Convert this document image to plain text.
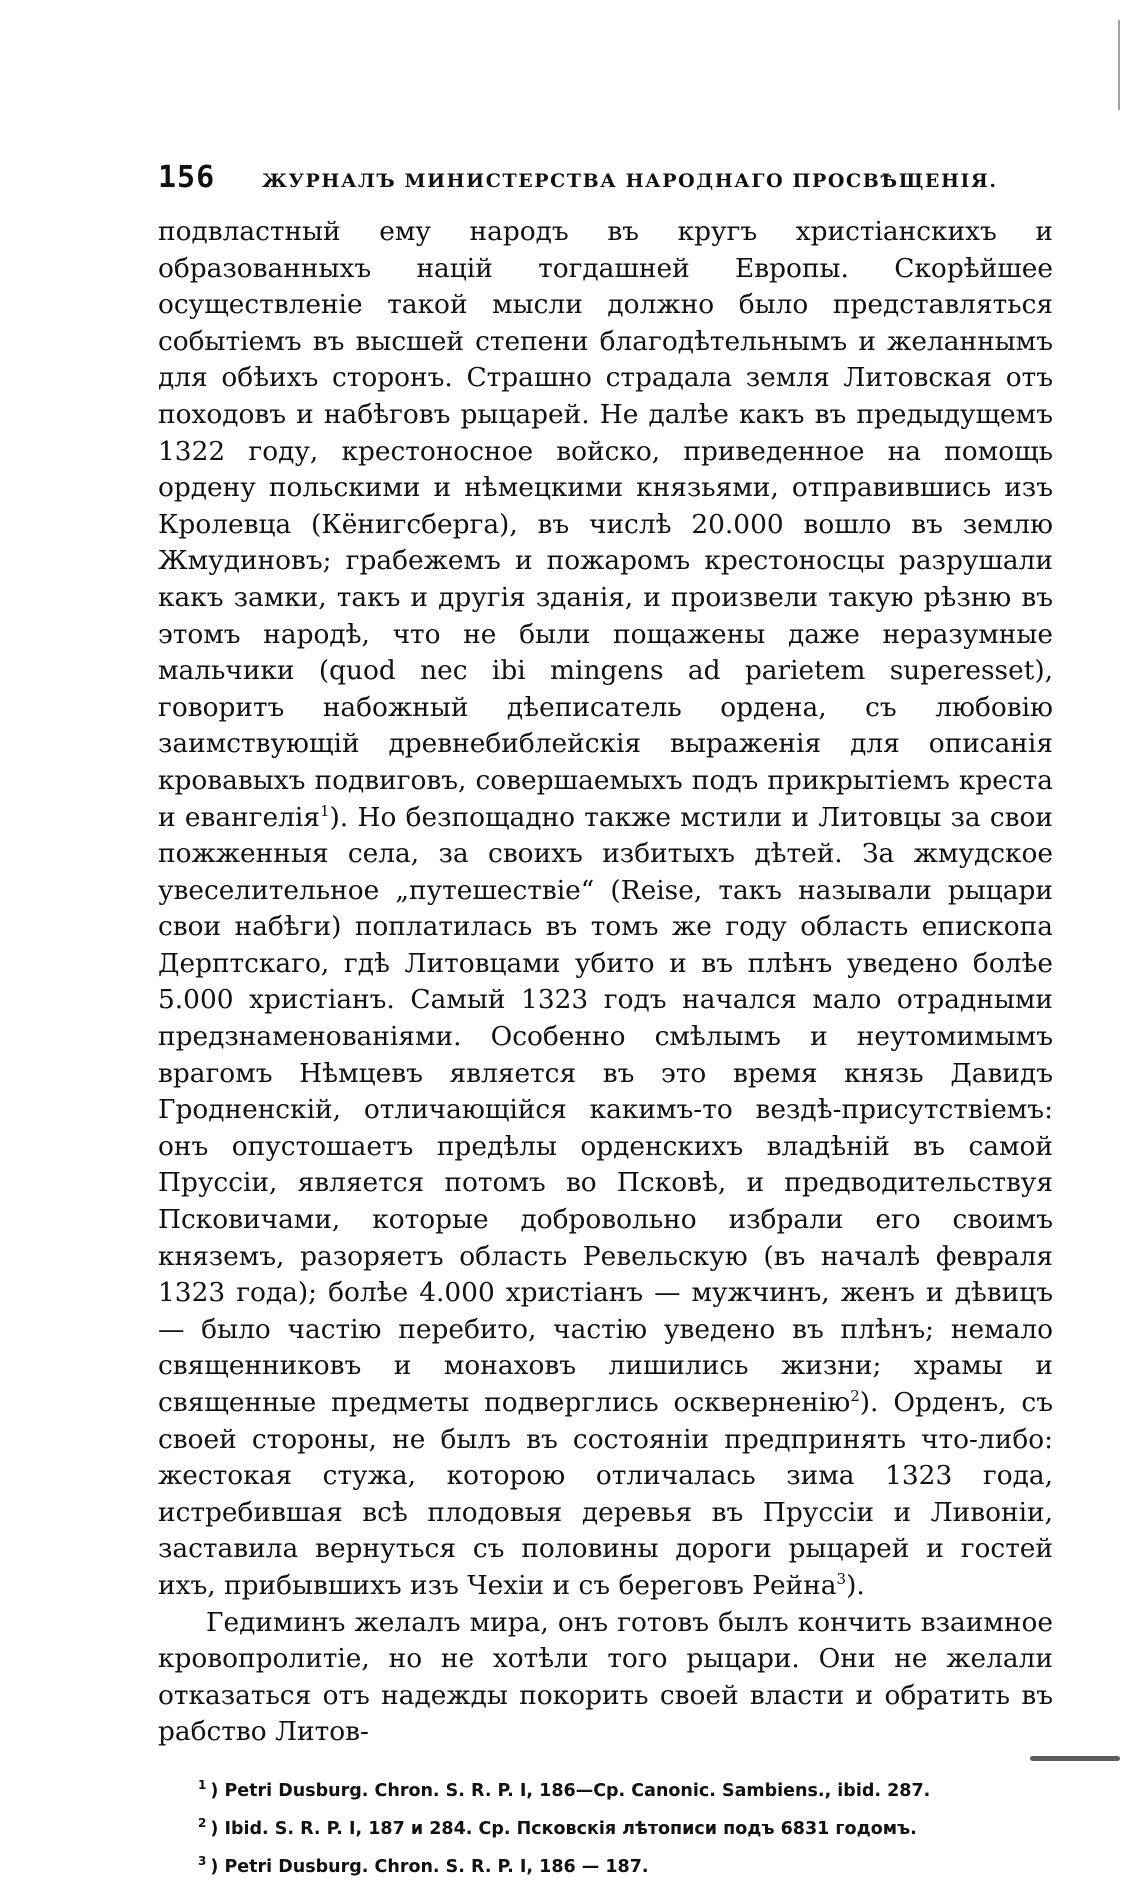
156	ЖУРНАЛЪ МИНИСТЕРСТВА НАРОДНАГО ПРОСВѢЩЕНІЯ.

подвластный ему народъ въ кругъ христіанскихъ и образованныхъ націй тогдашней Европы. Скорѣйшее осуществленіе такой мысли должно было представляться событіемъ въ высшей степени благодѣтельнымъ и желаннымъ для обѣихъ сторонъ. Страшно страдала земля Литовская отъ походовъ и набѣговъ рыцарей. Не далѣе какъ въ предыдущемъ 1322 году, крестоносное войско, приведенное на помощь ордену польскими и нѣмецкими князьями, отправившись изъ Кролевца (Кёнигсберга), въ числѣ 20.000 вошло въ землю Жмудиновъ; грабежемъ и пожаромъ крестоносцы разрушали какъ замки, такъ и другія зданія, и произвели такую рѣзню въ этомъ народѣ, что не были пощажены даже неразумные мальчики (quod nec ibi mingens ad parietem superesset), говоритъ набожный дѣеписатель ордена, съ любовію заимствующій древнебиблейскія выраженія для описанія кровавыхъ подвиговъ, совершаемыхъ подъ прикрытіемъ креста и евангелія$^1$). Но безпощадно также мстили и Литовцы за свои пожженныя села, за своихъ избитыхъ дѣтей. За жмудское увеселительное „путешествіе“ (Reise, такъ называли рыцари свои набѣги) поплатилась въ томъ же году область епископа Дерптскаго, гдѣ Литовцами убито и въ плѣнъ уведено болѣе 5.000 христіанъ. Самый 1323 годъ начался мало отрадными предзнаменованіями. Особенно смѣлымъ и неутомимымъ врагомъ Нѣмцевъ является въ это время князь Давидъ Гродненскій, отличающійся какимъ-то вездѣ-присутствіемъ: онъ опустошаетъ предѣлы орденскихъ владѣній въ самой Пруссіи, является потомъ во Псковѣ, и предводительствуя Псковичами, которые добровольно избрали его своимъ княземъ, разоряетъ область Ревельскую (въ началѣ февраля 1323 года); болѣе 4.000 христіанъ — мужчинъ, женъ и дѣвицъ — было частію перебито, частію уведено въ плѣнъ; немало священниковъ и монаховъ лишились жизни; храмы и священные предметы подверглись оскверненію$^2$). Орденъ, съ своей стороны, не былъ въ состояніи предпринять что-либо: жестокая стужа, которою отличалась зима 1323 года, истребившая всѣ плодовыя деревья въ Пруссіи и Ливоніи, заставила вернуться съ половины дороги рыцарей и гостей ихъ, прибывшихъ изъ Чехіи и съ береговъ Рейна$^3$).

Гедиминъ желалъ мира, онъ готовъ былъ кончить взаимное кровопролитіе, но не хотѣли того рыцари. Они не желали отказаться отъ надежды покорить своей власти и обратить въ рабство Литов-

$^1$ ) Petri Dusburg. Chron. S. R. P. I, 186—Cp. Canonic. Sambiens., ibid. 287.
$^2$ ) Ibid. S. R. P. I, 187 и 284. Ср. Псковскія лѣтописи подъ 6831 годомъ.
$^3$ ) Petri Dusburg. Chron. S. R. P. I, 186 — 187.
